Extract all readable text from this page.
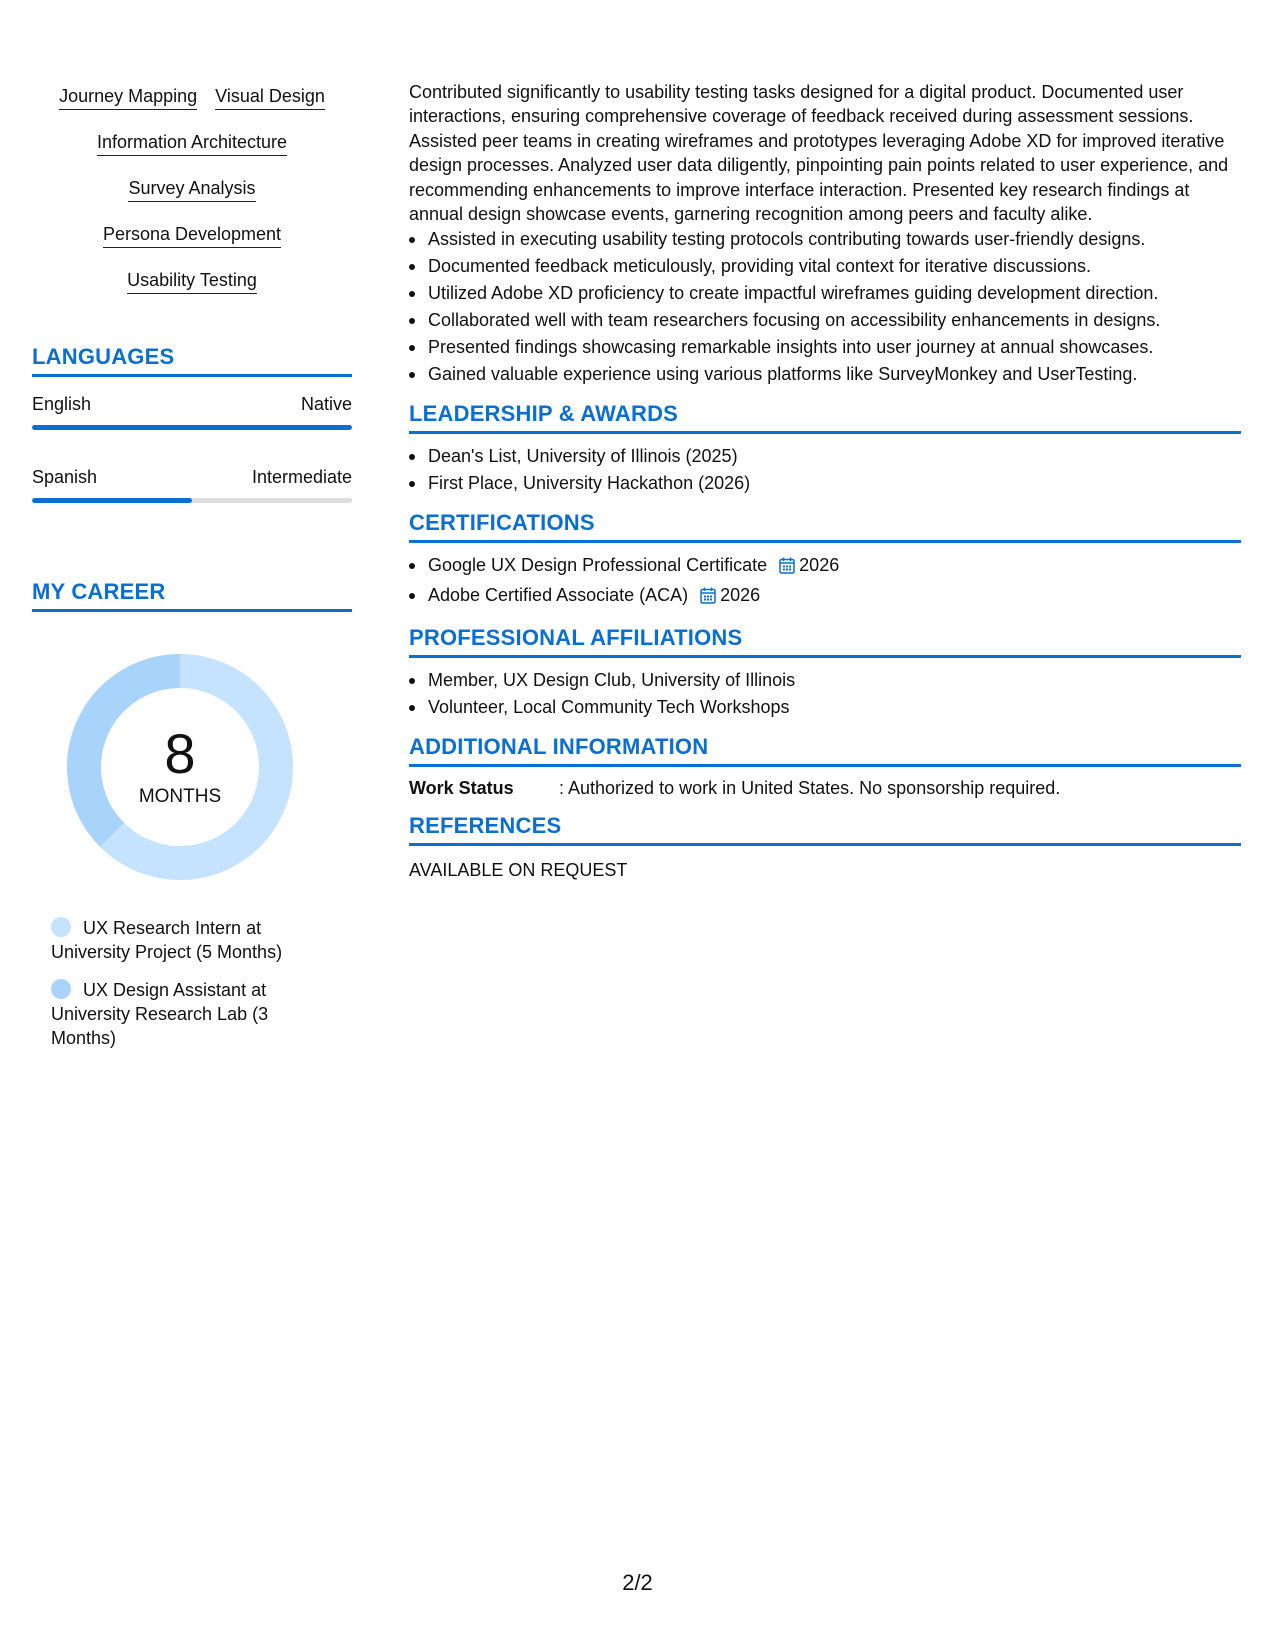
Journey Mapping Visual Design
Information Architecture
Survey Analysis
Persona Development
Usability Testing
LANGUAGES
English	Native
Spanish	Intermediate
MY CAREER
8
MONTHS
UX Research Intern at University Project (5 Months)
UX Design Assistant at University Research Lab (3 Months)

Contributed significantly to usability testing tasks designed for a digital product. Documented user interactions, ensuring comprehensive coverage of feedback received during assessment sessions. Assisted peer teams in creating wireframes and prototypes leveraging Adobe XD for improved iterative design processes. Analyzed user data diligently, pinpointing pain points related to user experience, and recommending enhancements to improve interface interaction. Presented key research findings at annual design showcase events, garnering recognition among peers and faculty alike.

Assisted in executing usability testing protocols contributing towards user-friendly designs.
Documented feedback meticulously, providing vital context for iterative discussions.
Utilized Adobe XD proficiency to create impactful wireframes guiding development direction.
Collaborated well with team researchers focusing on accessibility enhancements in designs.
Presented findings showcasing remarkable insights into user journey at annual showcases.
Gained valuable experience using various platforms like SurveyMonkey and UserTesting.
LEADERSHIP & AWARDS
Dean's List, University of Illinois (2025)
First Place, University Hackathon (2026)
CERTIFICATIONS
Google UX Design Professional Certificate 2026
Adobe Certified Associate (ACA) 2026
PROFESSIONAL AFFILIATIONS
Member, UX Design Club, University of Illinois
Volunteer, Local Community Tech Workshops
ADDITIONAL INFORMATION
Work Status	: Authorized to work in United States. No sponsorship required.
REFERENCES
AVAILABLE ON REQUEST
2/2
